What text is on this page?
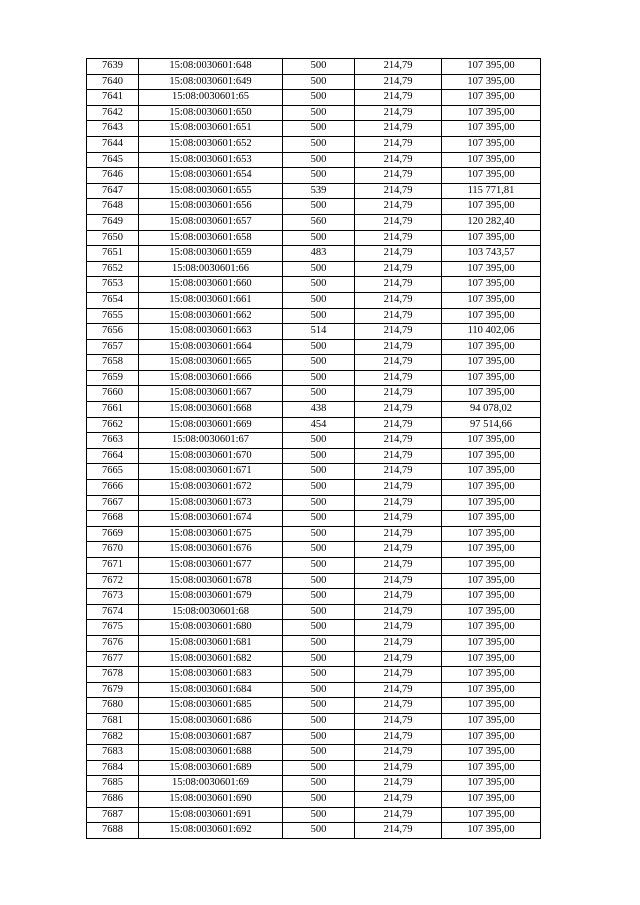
7639	15:08:0030601:648	500	214,79	107 395,00
7640	15:08:0030601:649	500	214,79	107 395,00
7641	15:08:0030601:65	500	214,79	107 395,00
7642	15:08:0030601:650	500	214,79	107 395,00
7643	15:08:0030601:651	500	214,79	107 395,00
7644	15:08:0030601:652	500	214,79	107 395,00
7645	15:08:0030601:653	500	214,79	107 395,00
7646	15:08:0030601:654	500	214,79	107 395,00
7647	15:08:0030601:655	539	214,79	115 771,81
7648	15:08:0030601:656	500	214,79	107 395,00
7649	15:08:0030601:657	560	214,79	120 282,40
7650	15:08:0030601:658	500	214,79	107 395,00
7651	15:08:0030601:659	483	214,79	103 743,57
7652	15:08:0030601:66	500	214,79	107 395,00
7653	15:08:0030601:660	500	214,79	107 395,00
7654	15:08:0030601:661	500	214,79	107 395,00
7655	15:08:0030601:662	500	214,79	107 395,00
7656	15:08:0030601:663	514	214,79	110 402,06
7657	15:08:0030601:664	500	214,79	107 395,00
7658	15:08:0030601:665	500	214,79	107 395,00
7659	15:08:0030601:666	500	214,79	107 395,00
7660	15:08:0030601:667	500	214,79	107 395,00
7661	15:08:0030601:668	438	214,79	94 078,02
7662	15:08:0030601:669	454	214,79	97 514,66
7663	15:08:0030601:67	500	214,79	107 395,00
7664	15:08:0030601:670	500	214,79	107 395,00
7665	15:08:0030601:671	500	214,79	107 395,00
7666	15:08:0030601:672	500	214,79	107 395,00
7667	15:08:0030601:673	500	214,79	107 395,00
7668	15:08:0030601:674	500	214,79	107 395,00
7669	15:08:0030601:675	500	214,79	107 395,00
7670	15:08:0030601:676	500	214,79	107 395,00
7671	15:08:0030601:677	500	214,79	107 395,00
7672	15:08:0030601:678	500	214,79	107 395,00
7673	15:08:0030601:679	500	214,79	107 395,00
7674	15:08:0030601:68	500	214,79	107 395,00
7675	15:08:0030601:680	500	214,79	107 395,00
7676	15:08:0030601:681	500	214,79	107 395,00
7677	15:08:0030601:682	500	214,79	107 395,00
7678	15:08:0030601:683	500	214,79	107 395,00
7679	15:08:0030601:684	500	214,79	107 395,00
7680	15:08:0030601:685	500	214,79	107 395,00
7681	15:08:0030601:686	500	214,79	107 395,00
7682	15:08:0030601:687	500	214,79	107 395,00
7683	15:08:0030601:688	500	214,79	107 395,00
7684	15:08:0030601:689	500	214,79	107 395,00
7685	15:08:0030601:69	500	214,79	107 395,00
7686	15:08:0030601:690	500	214,79	107 395,00
7687	15:08:0030601:691	500	214,79	107 395,00
7688	15:08:0030601:692	500	214,79	107 395,00
